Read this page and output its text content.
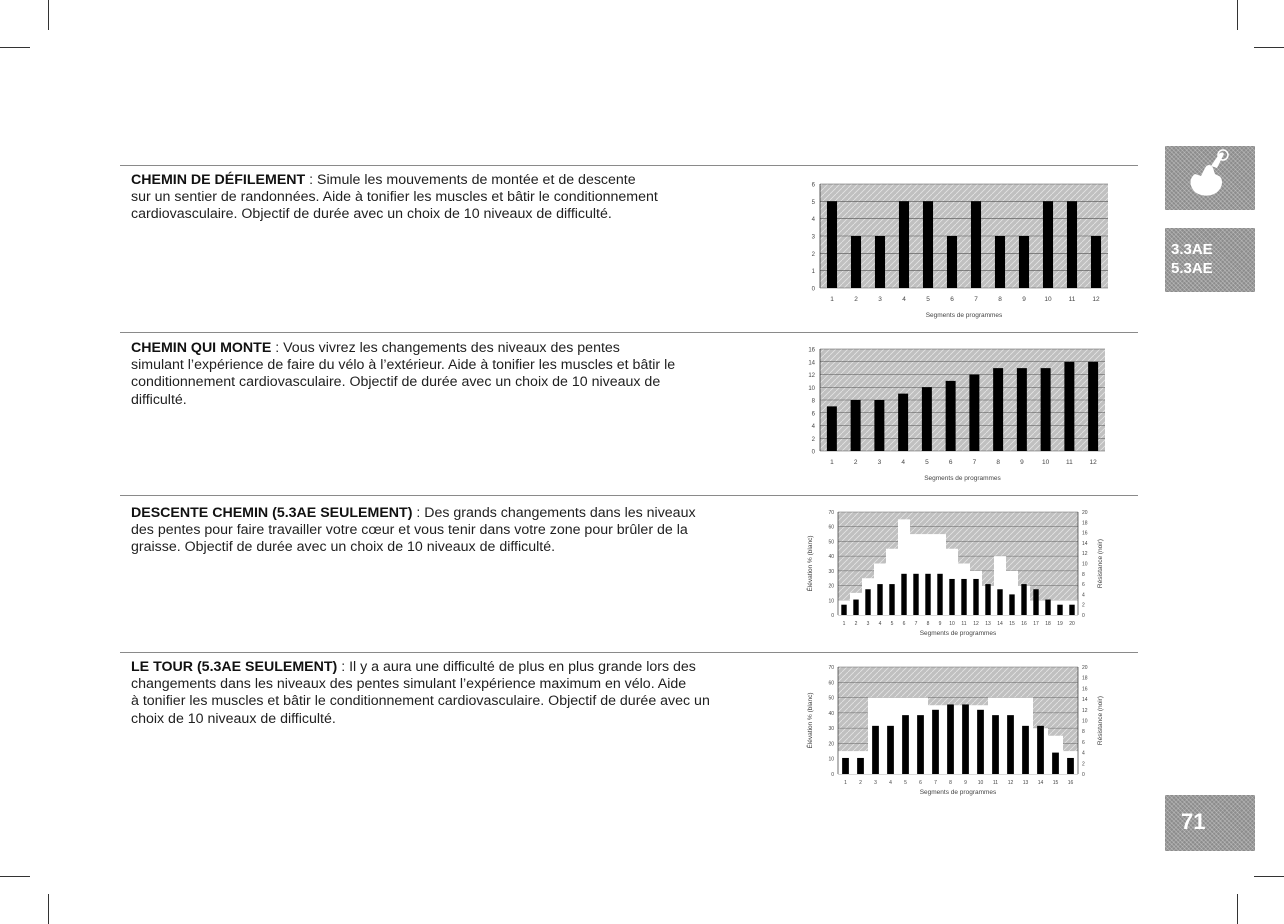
CHEMIN DE DÉFILEMENT : Simule les mouvements de montée et de descente
sur un sentier de randonnées. Aide à tonifier les muscles et bâtir le conditionnement
cardiovasculaire. Objectif de durée avec un choix de 10 niveaux de difficulté.
CHEMIN QUI MONTE : Vous vivrez les changements des niveaux des pentes
simulant l’expérience de faire du vélo à l’extérieur. Aide à tonifier les muscles et bâtir le
conditionnement cardiovasculaire. Objectif de durée avec un choix de 10 niveaux de
difficulté.
DESCENTE CHEMIN (5.3AE SEULEMENT) : Des grands changements dans les niveaux
des pentes pour faire travailler votre cœur et vous tenir dans votre zone pour brûler de la
graisse. Objectif de durée avec un choix de 10 niveaux de difficulté.
LE TOUR (5.3AE SEULEMENT) : Il y a aura une difficulté de plus en plus grande lors des
changements dans les niveaux des pentes simulant l’expérience maximum en vélo. Aide
à tonifier les muscles et bâtir le conditionnement cardiovasculaire. Objectif de durée avec un
choix de 10 niveaux de difficulté.
0
1
2
3
4
5
6
1	2	3	4	5	6	7	8	9	10	11	12
Segments de programmes
0
2
4
6
8
10
12
14
16
1	2	3	4	5	6	7	8	9	10	11	12
Segments de programmes
0
10
20
30
40
50
60
70
0
2
4
6
8
10
12
14
16
18
20
1 2 3 4 5 6 7 8 9 10 11 12 13 14 15 16 17 18 19 20
Segments de programmes
Élévation % (blanc)	Résistance (noir)
0
10
20
30
40
50
60
70
0
2
4
6
8
10
12
14
16
18
20
1 2 3 4 5 6 7 8 9 10 11 12 13 14 15 16
Segments de programmes
Élévation % (blanc)	Résistance (noir)
3.3AE
5.3AE
71
